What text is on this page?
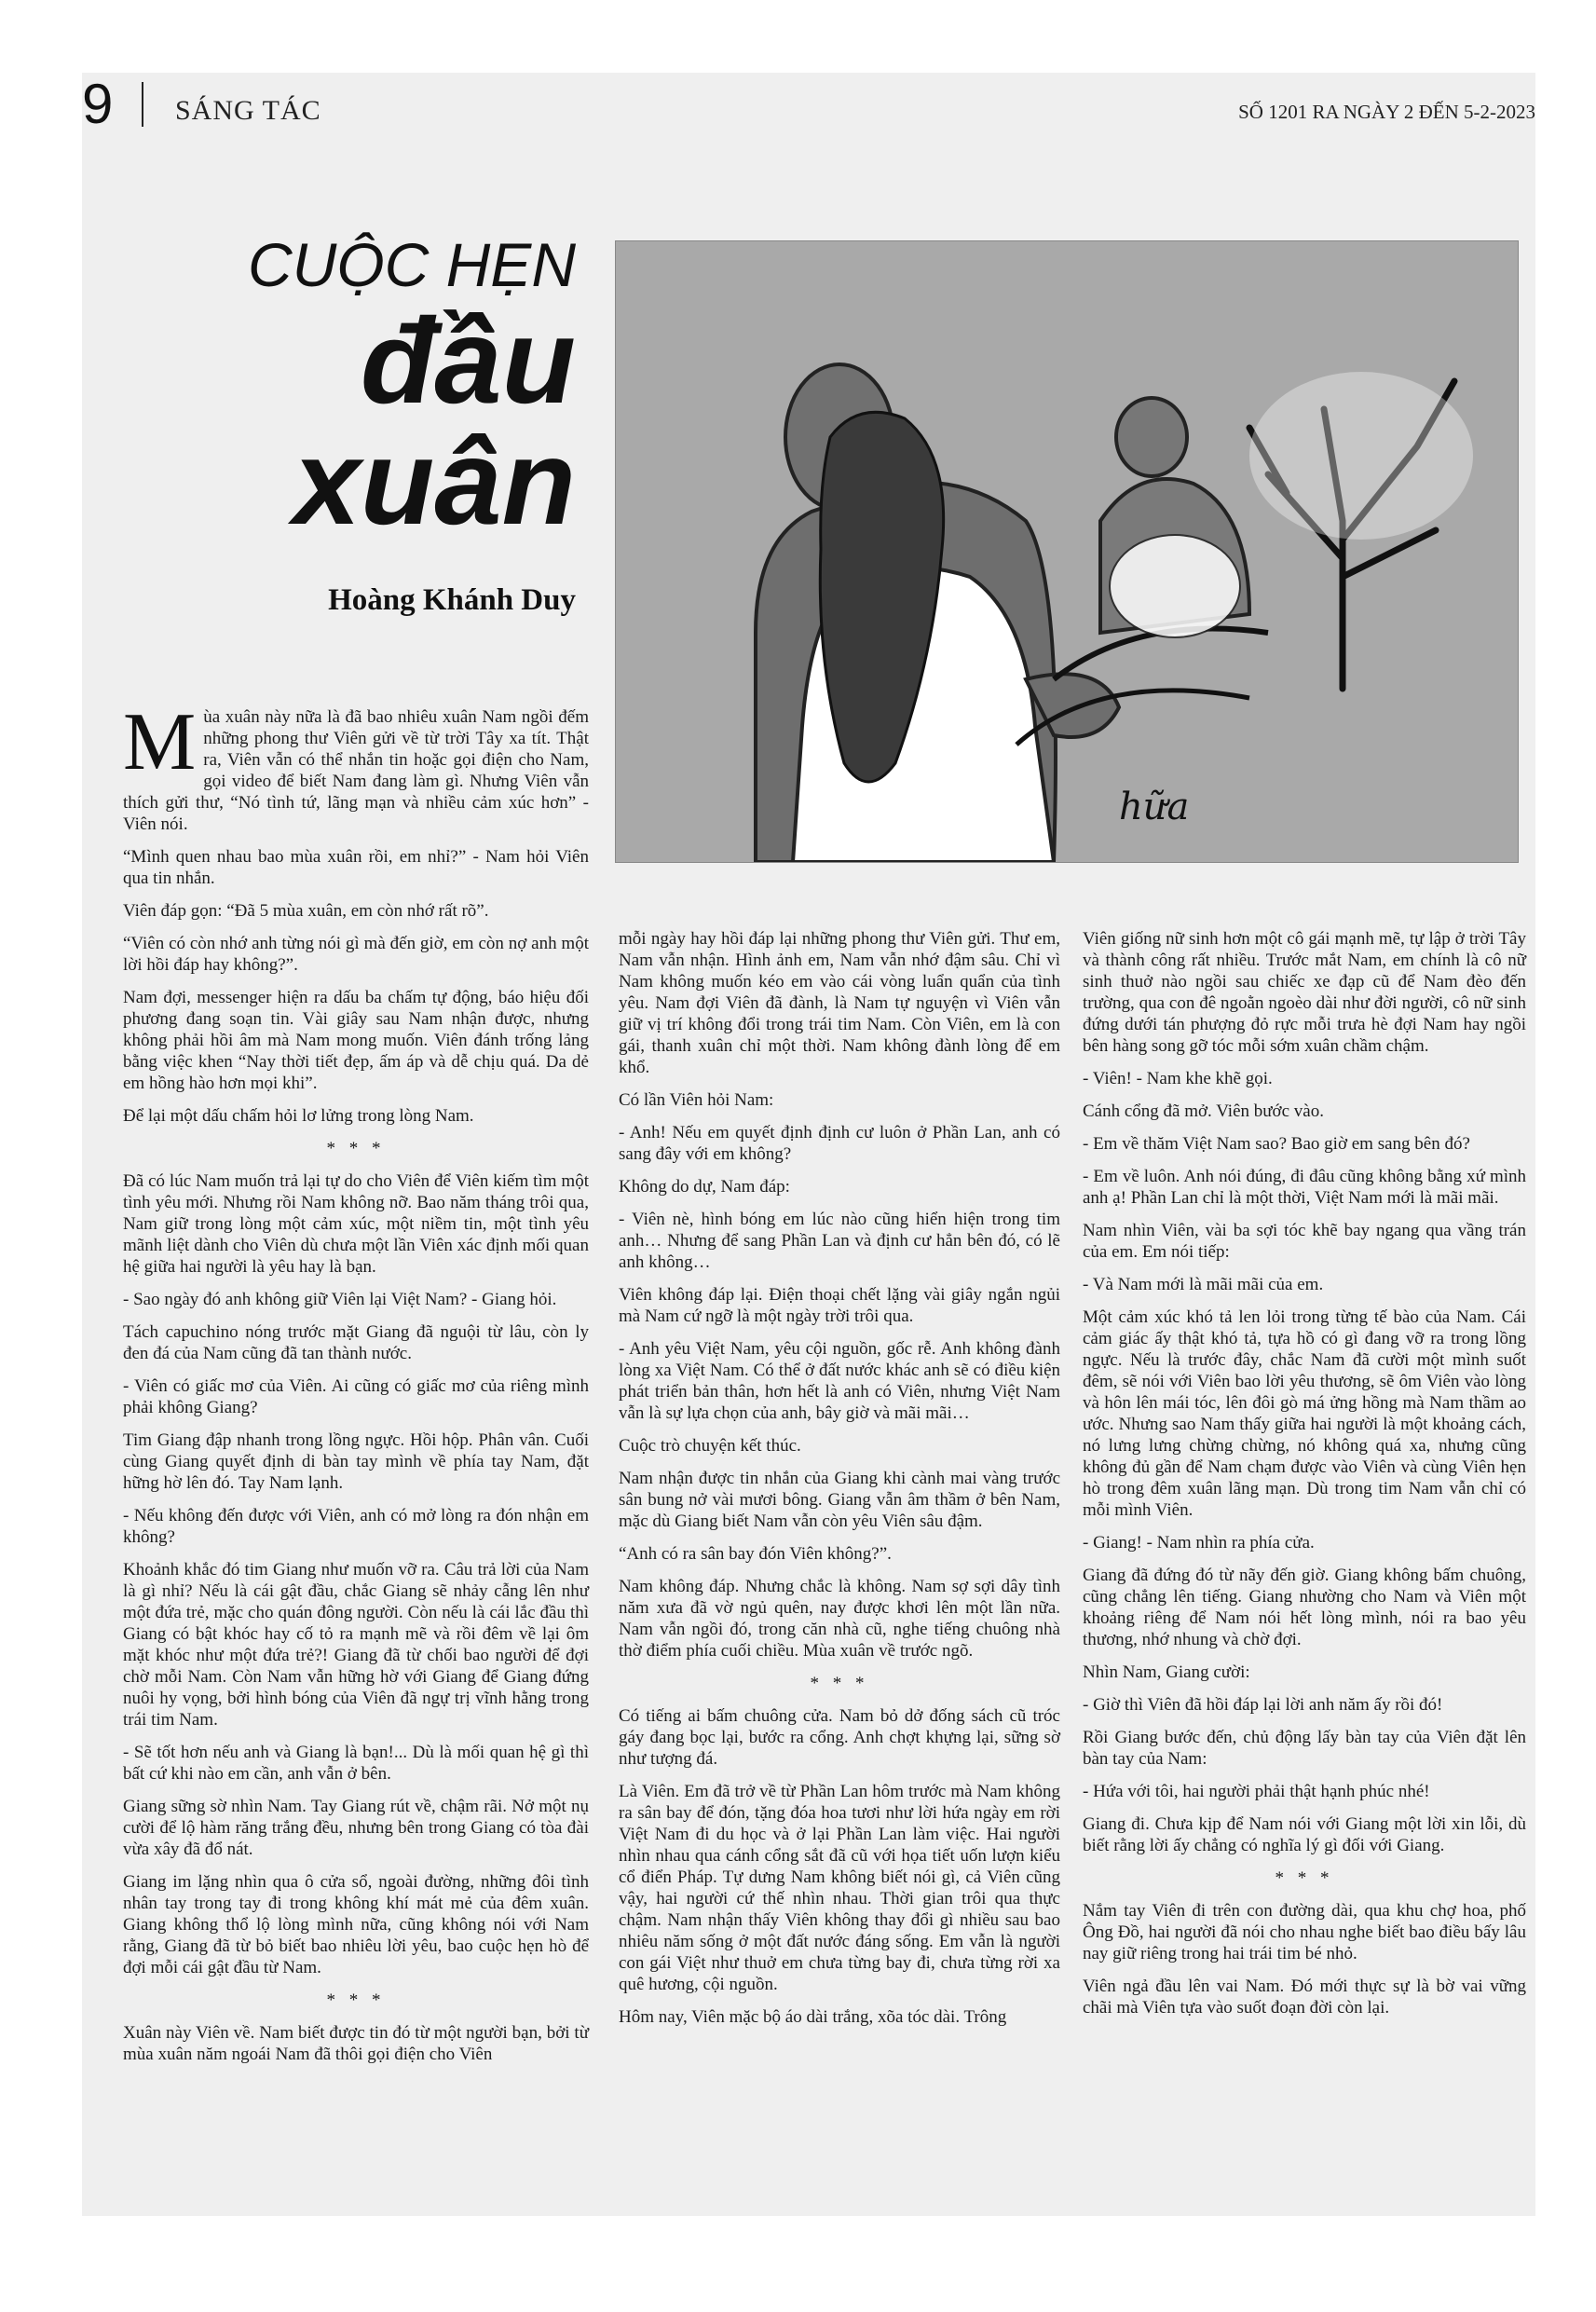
9 SÁNG TÁC	SỐ 1201 RA NGÀY 2 ĐẾN 5-2-2023
CUỘC HẸN
đầu
xuân
Hoàng Khánh Duy
hữa

Mùa xuân này nữa là đã bao nhiêu xuân Nam ngồi đếm những phong thư Viên gửi về từ trời Tây xa tít. Thật ra, Viên vẫn có thể nhắn tin hoặc gọi điện cho Nam, gọi video để biết Nam đang làm gì. Nhưng Viên vẫn thích gửi thư, “Nó tình tứ, lãng mạn và nhiều cảm xúc hơn” - Viên nói.

“Mình quen nhau bao mùa xuân rồi, em nhỉ?” - Nam hỏi Viên qua tin nhắn.

Viên đáp gọn: “Đã 5 mùa xuân, em còn nhớ rất rõ”.

“Viên có còn nhớ anh từng nói gì mà đến giờ, em còn nợ anh một lời hồi đáp hay không?”.

Nam đợi, messenger hiện ra dấu ba chấm tự động, báo hiệu đối phương đang soạn tin. Vài giây sau Nam nhận được, nhưng không phải hồi âm mà Nam mong muốn. Viên đánh trống lảng bằng việc khen “Nay thời tiết đẹp, ấm áp và dễ chịu quá. Da dẻ em hồng hào hơn mọi khi”.

Để lại một dấu chấm hỏi lơ lửng trong lòng Nam.

* * *

Đã có lúc Nam muốn trả lại tự do cho Viên để Viên kiếm tìm một tình yêu mới. Nhưng rồi Nam không nỡ. Bao năm tháng trôi qua, Nam giữ trong lòng một cảm xúc, một niềm tin, một tình yêu mãnh liệt dành cho Viên dù chưa một lần Viên xác định mối quan hệ giữa hai người là yêu hay là bạn.

- Sao ngày đó anh không giữ Viên lại Việt Nam? - Giang hỏi.

Tách capuchino nóng trước mặt Giang đã nguội từ lâu, còn ly đen đá của Nam cũng đã tan thành nước.

- Viên có giấc mơ của Viên. Ai cũng có giấc mơ của riêng mình phải không Giang?

Tim Giang đập nhanh trong lồng ngực. Hồi hộp. Phân vân. Cuối cùng Giang quyết định di bàn tay mình về phía tay Nam, đặt hững hờ lên đó. Tay Nam lạnh.

- Nếu không đến được với Viên, anh có mở lòng ra đón nhận em không?

Khoảnh khắc đó tim Giang như muốn vỡ ra. Câu trả lời của Nam là gì nhỉ? Nếu là cái gật đầu, chắc Giang sẽ nhảy cẫng lên như một đứa trẻ, mặc cho quán đông người. Còn nếu là cái lắc đầu thì Giang có bật khóc hay cố tỏ ra mạnh mẽ và rồi đêm về lại ôm mặt khóc như một đứa trẻ?! Giang đã từ chối bao người để đợi chờ mỗi Nam. Còn Nam vẫn hững hờ với Giang để Giang đứng nuôi hy vọng, bởi hình bóng của Viên đã ngự trị vĩnh hằng trong trái tim Nam.

- Sẽ tốt hơn nếu anh và Giang là bạn!... Dù là mối quan hệ gì thì bất cứ khi nào em cần, anh vẫn ở bên.

Giang sững sờ nhìn Nam. Tay Giang rút về, chậm rãi. Nở một nụ cười để lộ hàm răng trắng đều, nhưng bên trong Giang có tòa đài vừa xây đã đổ nát.

Giang im lặng nhìn qua ô cửa sổ, ngoài đường, những đôi tình nhân tay trong tay đi trong không khí mát mẻ của đêm xuân. Giang không thổ lộ lòng mình nữa, cũng không nói với Nam rằng, Giang đã từ bỏ biết bao nhiêu lời yêu, bao cuộc hẹn hò để đợi mỗi cái gật đầu từ Nam.

* * *

Xuân này Viên về. Nam biết được tin đó từ một người bạn, bởi từ mùa xuân năm ngoái Nam đã thôi gọi điện cho Viên

mỗi ngày hay hồi đáp lại những phong thư Viên gửi. Thư em, Nam vẫn nhận. Hình ảnh em, Nam vẫn nhớ đậm sâu. Chỉ vì Nam không muốn kéo em vào cái vòng luẩn quẩn của tình yêu. Nam đợi Viên đã đành, là Nam tự nguyện vì Viên vẫn giữ vị trí không đổi trong trái tim Nam. Còn Viên, em là con gái, thanh xuân chỉ một thời. Nam không đành lòng để em khổ.

Có lần Viên hỏi Nam:

- Anh! Nếu em quyết định định cư luôn ở Phần Lan, anh có sang đây với em không?

Không do dự, Nam đáp:

- Viên nè, hình bóng em lúc nào cũng hiển hiện trong tim anh… Nhưng để sang Phần Lan và định cư hẳn bên đó, có lẽ anh không…

Viên không đáp lại. Điện thoại chết lặng vài giây ngắn ngủi mà Nam cứ ngỡ là một ngày trời trôi qua.

- Anh yêu Việt Nam, yêu cội nguồn, gốc rễ. Anh không đành lòng xa Việt Nam. Có thể ở đất nước khác anh sẽ có điều kiện phát triển bản thân, hơn hết là anh có Viên, nhưng Việt Nam vẫn là sự lựa chọn của anh, bây giờ và mãi mãi…

Cuộc trò chuyện kết thúc.

Nam nhận được tin nhắn của Giang khi cành mai vàng trước sân bung nở vài mươi bông. Giang vẫn âm thầm ở bên Nam, mặc dù Giang biết Nam vẫn còn yêu Viên sâu đậm.

“Anh có ra sân bay đón Viên không?”.

Nam không đáp. Nhưng chắc là không. Nam sợ sợi dây tình năm xưa đã vờ ngủ quên, nay được khơi lên một lần nữa. Nam vẫn ngồi đó, trong căn nhà cũ, nghe tiếng chuông nhà thờ điểm phía cuối chiều. Mùa xuân về trước ngõ.

* * *

Có tiếng ai bấm chuông cửa. Nam bỏ dở đống sách cũ tróc gáy đang bọc lại, bước ra cổng. Anh chợt khựng lại, sững sờ như tượng đá.

Là Viên. Em đã trở về từ Phần Lan hôm trước mà Nam không ra sân bay để đón, tặng đóa hoa tươi như lời hứa ngày em rời Việt Nam đi du học và ở lại Phần Lan làm việc. Hai người nhìn nhau qua cánh cổng sắt đã cũ với họa tiết uốn lượn kiểu cổ điển Pháp. Tự dưng Nam không biết nói gì, cả Viên cũng vậy, hai người cứ thế nhìn nhau. Thời gian trôi qua thực chậm. Nam nhận thấy Viên không thay đổi gì nhiều sau bao nhiêu năm sống ở một đất nước đáng sống. Em vẫn là người con gái Việt như thuở em chưa từng bay đi, chưa từng rời xa quê hương, cội nguồn.

Hôm nay, Viên mặc bộ áo dài trắng, xõa tóc dài. Trông

Viên giống nữ sinh hơn một cô gái mạnh mẽ, tự lập ở trời Tây và thành công rất nhiều. Trước mắt Nam, em chính là cô nữ sinh thuở nào ngồi sau chiếc xe đạp cũ để Nam đèo đến trường, qua con đê ngoằn ngoèo dài như đời người, cô nữ sinh đứng dưới tán phượng đỏ rực mỗi trưa hè đợi Nam hay ngồi bên hàng song gỡ tóc mỗi sớm xuân chầm chậm.

- Viên! - Nam khe khẽ gọi.

Cánh cổng đã mở. Viên bước vào.

- Em về thăm Việt Nam sao? Bao giờ em sang bên đó?

- Em về luôn. Anh nói đúng, đi đâu cũng không bằng xứ mình anh ạ! Phần Lan chỉ là một thời, Việt Nam mới là mãi mãi.

Nam nhìn Viên, vài ba sợi tóc khẽ bay ngang qua vầng trán của em. Em nói tiếp:

- Và Nam mới là mãi mãi của em.

Một cảm xúc khó tả len lỏi trong từng tế bào của Nam. Cái cảm giác ấy thật khó tả, tựa hồ có gì đang vỡ ra trong lồng ngực. Nếu là trước đây, chắc Nam đã cười một mình suốt đêm, sẽ nói với Viên bao lời yêu thương, sẽ ôm Viên vào lòng và hôn lên mái tóc, lên đôi gò má ửng hồng mà Nam thầm ao ước. Nhưng sao Nam thấy giữa hai người là một khoảng cách, nó lưng lưng chừng chừng, nó không quá xa, nhưng cũng không đủ gần để Nam chạm được vào Viên và cùng Viên hẹn hò trong đêm xuân lãng mạn. Dù trong tim Nam vẫn chỉ có mỗi mình Viên.

- Giang! - Nam nhìn ra phía cửa.

Giang đã đứng đó từ nãy đến giờ. Giang không bấm chuông, cũng chẳng lên tiếng. Giang nhường cho Nam và Viên một khoảng riêng để Nam nói hết lòng mình, nói ra bao yêu thương, nhớ nhung và chờ đợi.

Nhìn Nam, Giang cười:

- Giờ thì Viên đã hồi đáp lại lời anh năm ấy rồi đó!

Rồi Giang bước đến, chủ động lấy bàn tay của Viên đặt lên bàn tay của Nam:

- Hứa với tôi, hai người phải thật hạnh phúc nhé!

Giang đi. Chưa kịp để Nam nói với Giang một lời xin lỗi, dù biết rằng lời ấy chẳng có nghĩa lý gì đối với Giang.

* * *

Nắm tay Viên đi trên con đường dài, qua khu chợ hoa, phố Ông Đồ, hai người đã nói cho nhau nghe biết bao điều bấy lâu nay giữ riêng trong hai trái tim bé nhỏ.

Viên ngả đầu lên vai Nam. Đó mới thực sự là bờ vai vững chãi mà Viên tựa vào suốt đoạn đời còn lại.
